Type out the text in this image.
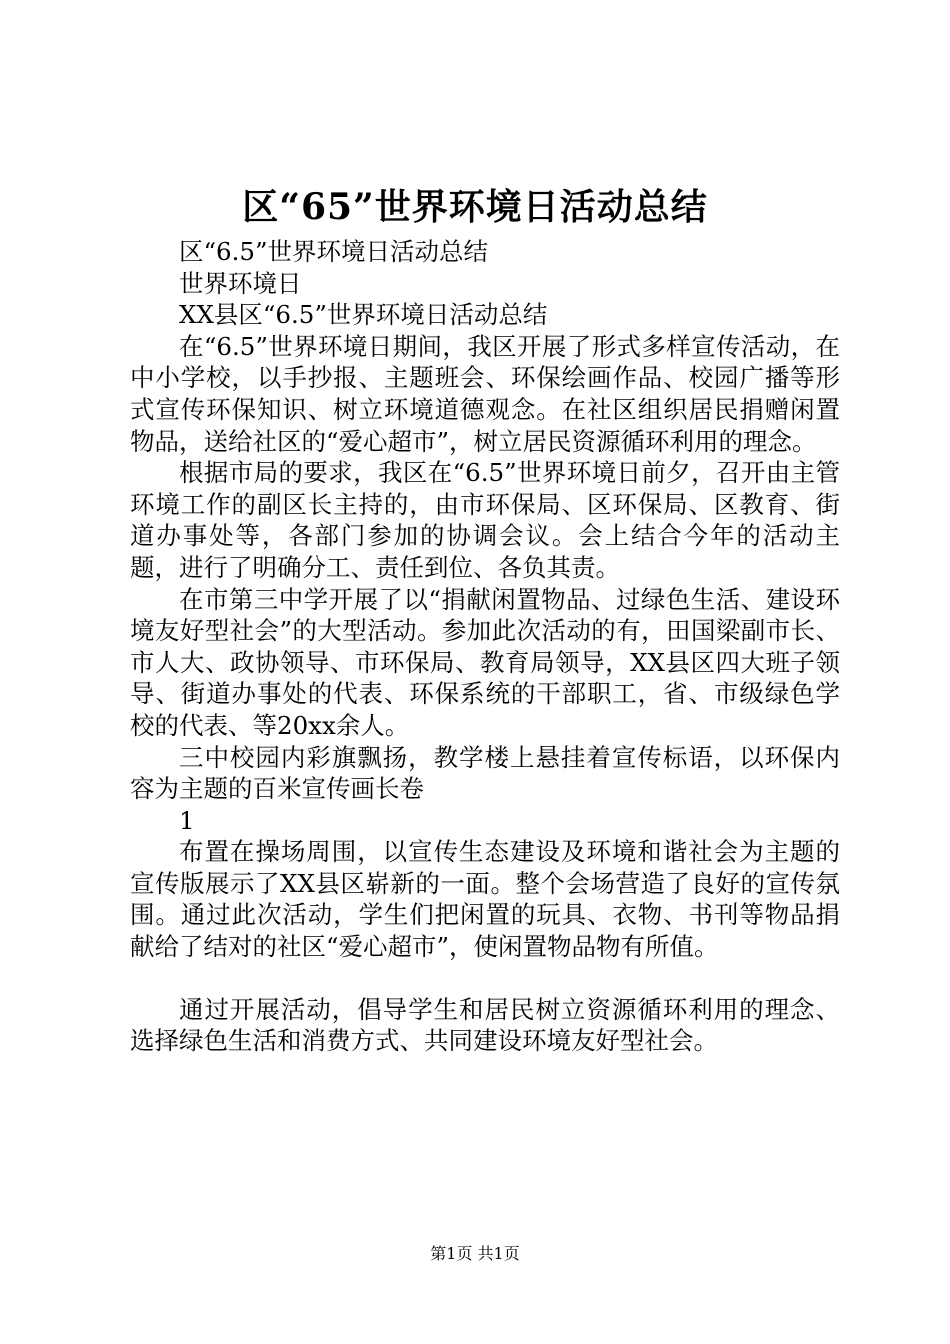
区“65”世界环境日活动总结

区“6.5”世界环境日活动总结

世界环境日

XX县区“6.5”世界环境日活动总结

在“6.5”世界环境日期间，我区开展了形式多样宣传活动，在中小学校，以手抄报、主题班会、环保绘画作品、校园广播等形式宣传环保知识、树立环境道德观念。在社区组织居民捐赠闲置物品，送给社区的“爱心超市”，树立居民资源循环利用的理念。

根据市局的要求，我区在“6.5”世界环境日前夕，召开由主管环境工作的副区长主持的，由市环保局、区环保局、区教育、街道办事处等，各部门参加的协调会议。会上结合今年的活动主题，进行了明确分工、责任到位、各负其责。

在市第三中学开展了以“捐献闲置物品、过绿色生活、建设环境友好型社会”的大型活动。参加此次活动的有，田国梁副市长、市人大、政协领导、市环保局、教育局领导，XX县区四大班子领导、街道办事处的代表、环保系统的干部职工，省、市级绿色学校的代表、等20xx余人。

三中校园内彩旗飘扬，教学楼上悬挂着宣传标语，以环保内容为主题的百米宣传画长卷

1

布置在操场周围，以宣传生态建设及环境和谐社会为主题的宣传版展示了XX县区崭新的一面。整个会场营造了良好的宣传氛围。通过此次活动，学生们把闲置的玩具、衣物、书刊等物品捐献给了结对的社区“爱心超市”，使闲置物品物有所值。

通过开展活动，倡导学生和居民树立资源循环利用的理念、选择绿色生活和消费方式、共同建设环境友好型社会。

第1页 共1页
